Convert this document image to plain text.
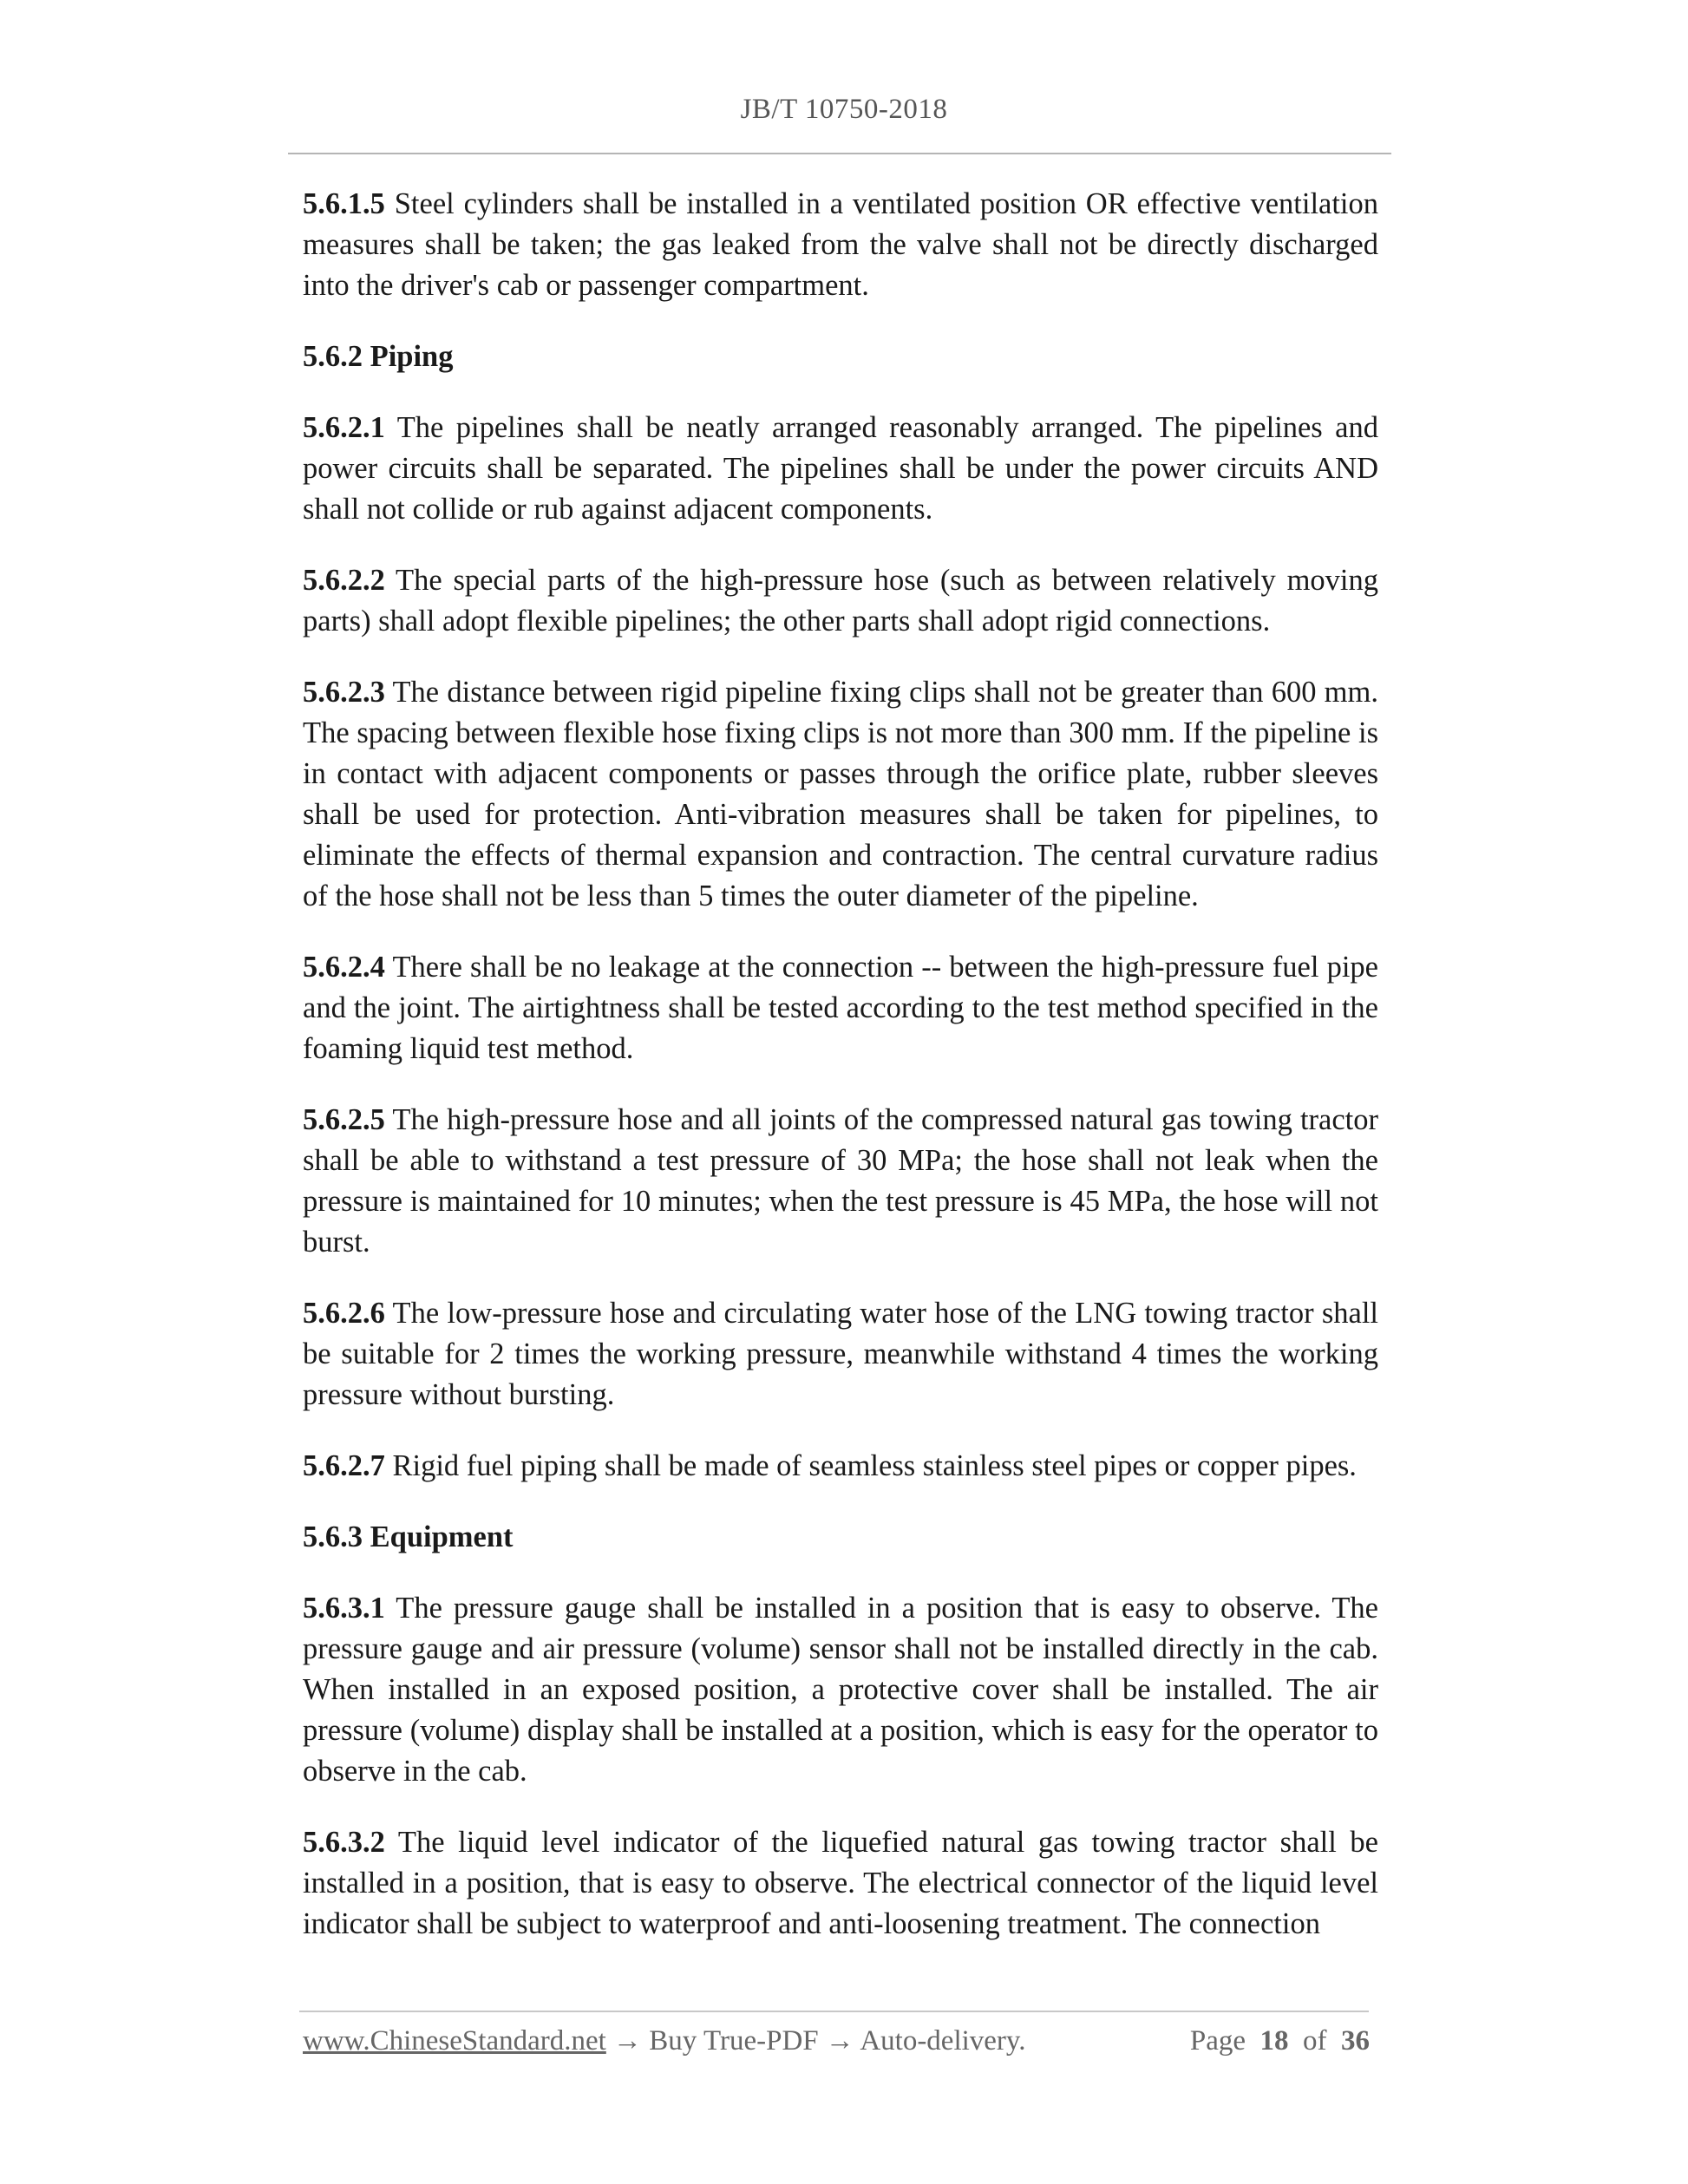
JB/T 10750-2018

5.6.1.5 Steel cylinders shall be installed in a ventilated position OR effective ventilation measures shall be taken; the gas leaked from the valve shall not be directly discharged into the driver's cab or passenger compartment.

5.6.2 Piping

5.6.2.1 The pipelines shall be neatly arranged reasonably arranged. The pipelines and power circuits shall be separated. The pipelines shall be under the power circuits AND shall not collide or rub against adjacent components.

5.6.2.2 The special parts of the high-pressure hose (such as between relatively moving parts) shall adopt flexible pipelines; the other parts shall adopt rigid connections.

5.6.2.3 The distance between rigid pipeline fixing clips shall not be greater than 600 mm. The spacing between flexible hose fixing clips is not more than 300 mm. If the pipeline is in contact with adjacent components or passes through the orifice plate, rubber sleeves shall be used for protection. Anti-vibration measures shall be taken for pipelines, to eliminate the effects of thermal expansion and contraction. The central curvature radius of the hose shall not be less than 5 times the outer diameter of the pipeline.

5.6.2.4 There shall be no leakage at the connection -- between the high-pressure fuel pipe and the joint. The airtightness shall be tested according to the test method specified in the foaming liquid test method.

5.6.2.5 The high-pressure hose and all joints of the compressed natural gas towing tractor shall be able to withstand a test pressure of 30 MPa; the hose shall not leak when the pressure is maintained for 10 minutes; when the test pressure is 45 MPa, the hose will not burst.

5.6.2.6 The low-pressure hose and circulating water hose of the LNG towing tractor shall be suitable for 2 times the working pressure, meanwhile withstand 4 times the working pressure without bursting.

5.6.2.7 Rigid fuel piping shall be made of seamless stainless steel pipes or copper pipes.

5.6.3 Equipment

5.6.3.1 The pressure gauge shall be installed in a position that is easy to observe. The pressure gauge and air pressure (volume) sensor shall not be installed directly in the cab. When installed in an exposed position, a protective cover shall be installed. The air pressure (volume) display shall be installed at a position, which is easy for the operator to observe in the cab.

5.6.3.2 The liquid level indicator of the liquefied natural gas towing tractor shall be installed in a position, that is easy to observe. The electrical connector of the liquid level indicator shall be subject to waterproof and anti-loosening treatment. The connection

www.ChineseStandard.net → Buy True-PDF → Auto-delivery.	Page 18 of 36
